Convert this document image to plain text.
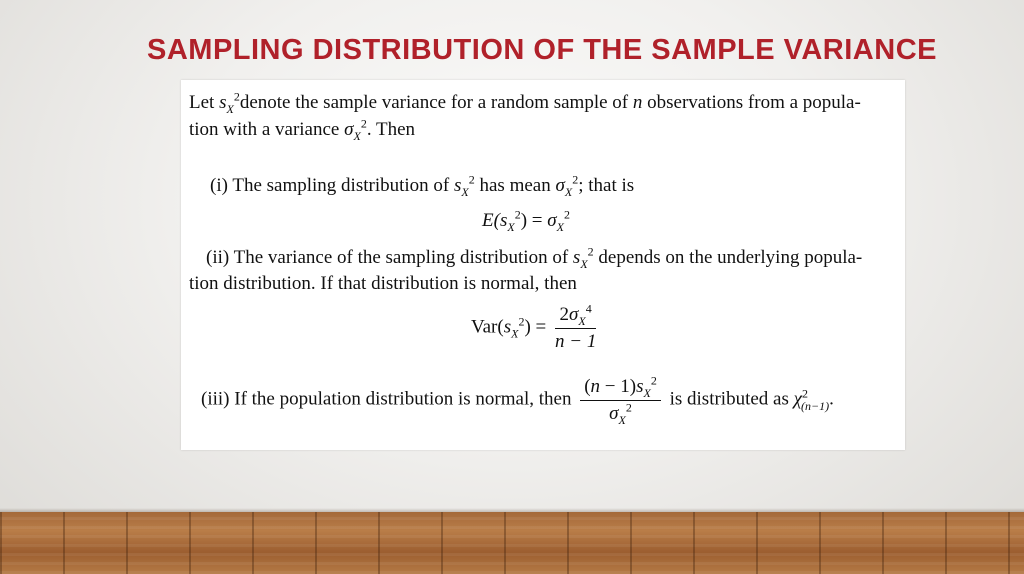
SAMPLING DISTRIBUTION OF THE SAMPLE VARIANCE
Let $s_X^2denote$ the sample variance for a random sample of n observations from a popula-
tion with a variance $\sigma_X^2$. Then
(i) The sampling distribution of $s_X^2$ has mean $\sigma_X^2$; that is
$E(s_X^2) = \sigma_X^2$
(ii) The variance of the sampling distribution of $s_X^2$ depends on the underlying popula-
tion distribution. If that distribution is normal, then
$Var(s_X^2) = \frac{2\sigma_X^4}{n - 1}$
(iii) If the population distribution is normal, then $\frac{(n - 1)s_X^2}{\sigma_X^2}$ is distributed as $\chi^2_{(n-1)}$.
